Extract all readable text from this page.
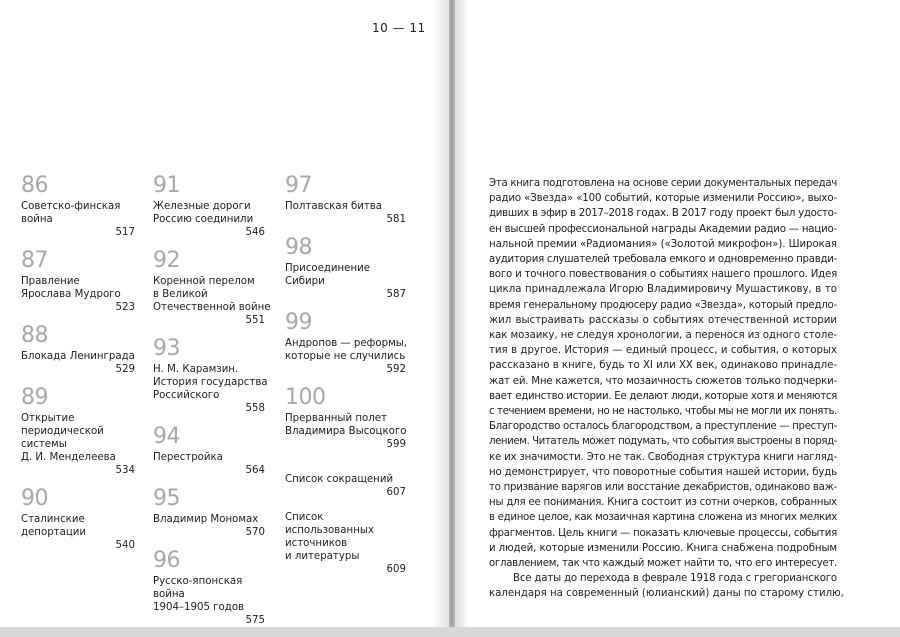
10 — 11
86
Советско-финская
война
517
87
Правление
Ярослава Мудрого
523
88
Блокада Ленинграда
529
89
Открытие
периодической системы
Д. И. Менделеева
534
90
Сталинские депортации
540
91
Железные дороги
Россию соединили
546
92
Коренной перелом
в Великой
Отечественной войне
551
93
Н. М. Карамзин.
История государства
Российского
558
94
Перестройка
564
95
Владимир Мономах
570
96
Русско-японская война
1904–1905 годов
575
97
Полтавская битва
581
98
Присоединение Сибири
587
99
Андропов — реформы,
которые не случились
592
100
Прерванный полет
Владимира Высоцкого
599
Список сокращений
607
Список
использованных
источников
и литературы
609
Эта книга подготовлена на основе серии документальных передач
радио «Звезда» «100 событий, которые изменили Россию», выхо-
дивших в эфир в 2017–2018 годах. В 2017 году проект был удосто-
ен высшей профессиональной награды Академии радио — нацио-
нальной премии «Радиомания» («Золотой микрофон»). Широкая
аудитория слушателей требовала емкого и одновременно правди-
вого и точного повествования о событиях нашего прошлого. Идея
цикла принадлежала Игорю Владимировичу Мушастикову, в то
время генеральному продюсеру радио «Звезда», который предло-
жил выстраивать рассказы о событиях отечественной истории
как мозаику, не следуя хронологии, а перенося из одного столе-
тия в другое. История — единый процесс, и события, о которых
рассказано в книге, будь то XI или XX век, одинаково принадле-
жат ей. Мне кажется, что мозаичность сюжетов только подчерки-
вает единство истории. Ее делают люди, которые хотя и меняются
с течением времени, но не настолько, чтобы мы не могли их понять.
Благородство осталось благородством, а преступление — преступ-
лением. Читатель может подумать, что события выстроены в поряд-
ке их значимости. Это не так. Свободная структура книги нагляд-
но демонстрирует, что поворотные события нашей истории, будь
то призвание варягов или восстание декабристов, одинаково важ-
ны для ее понимания. Книга состоит из сотни очерков, собранных
в единое целое, как мозаичная картина сложена из многих мелких
фрагментов. Цель книги — показать ключевые процессы, события
и людей, которые изменили Россию. Книга снабжена подробным
оглавлением, так что каждый может найти то, что его интересует.
Все даты до перехода в феврале 1918 года с грегорианского
календаря на современный (юлианский) даны по старому стилю,
